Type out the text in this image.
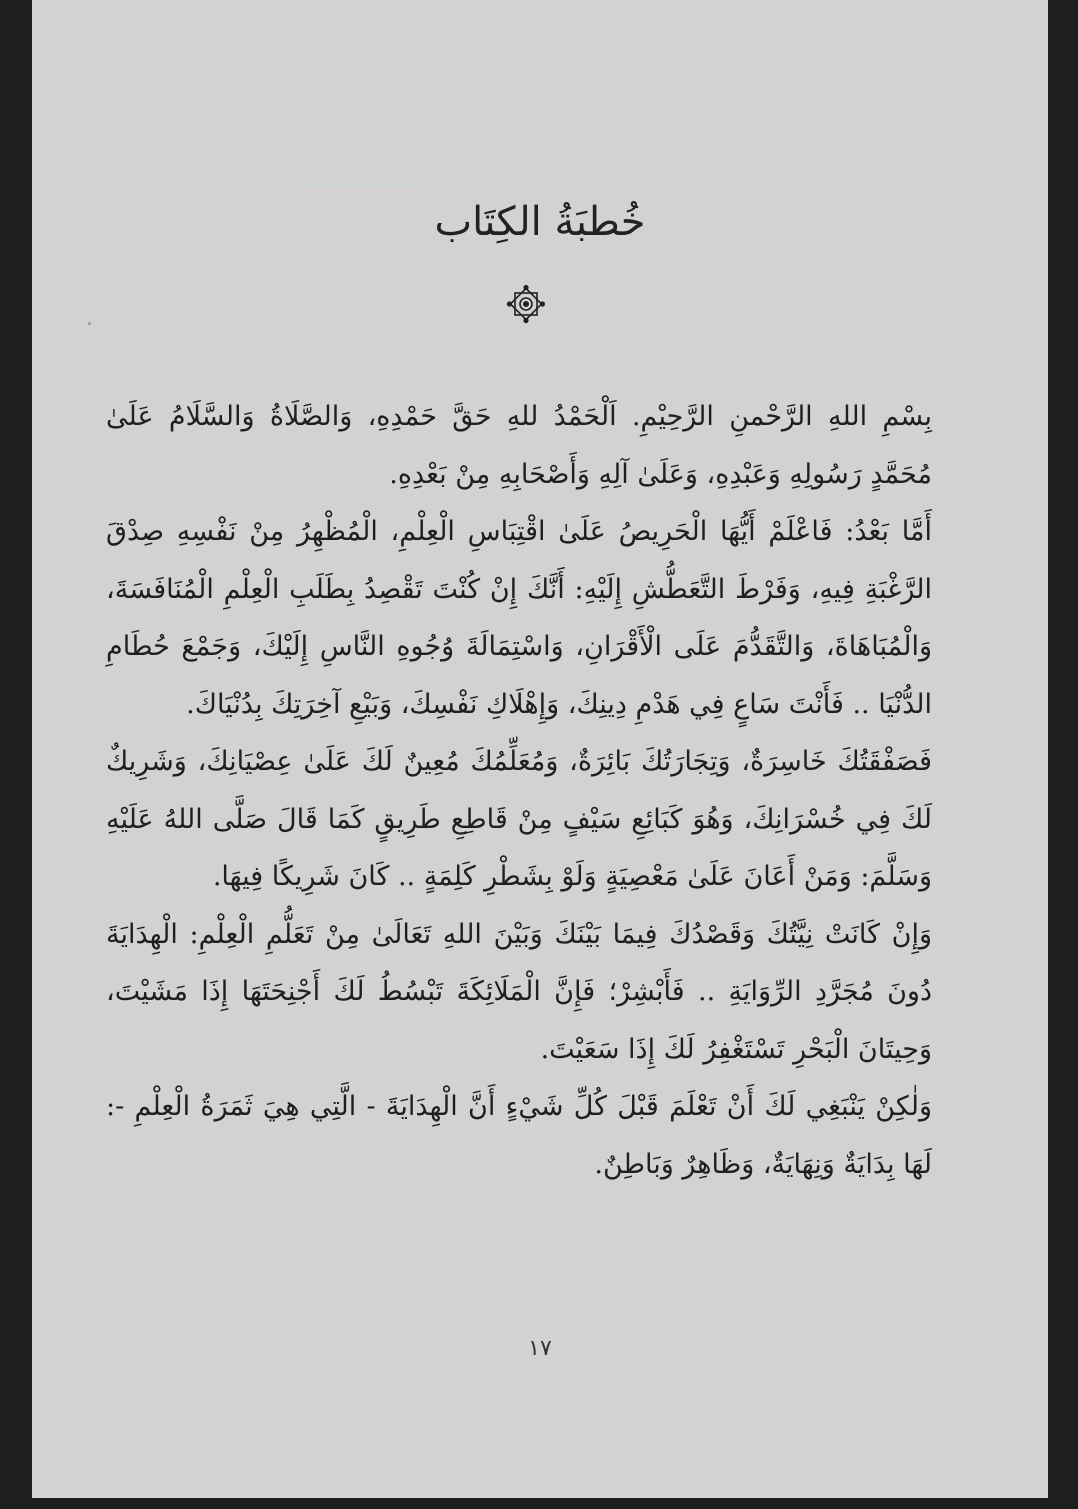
خُطبَةُ الكِتَاب

بِسْمِ اللهِ الرَّحْمنِ الرَّحِيْمِ. اَلْحَمْدُ للهِ حَقَّ حَمْدِهِ، وَالصَّلَاةُ وَالسَّلَامُ عَلَىٰ مُحَمَّدٍ رَسُولِهِ وَعَبْدِهِ، وَعَلَىٰ آلِهِ وَأَصْحَابِهِ مِنْ بَعْدِهِ.

أَمَّا بَعْدُ: فَاعْلَمْ أَيُّهَا الْحَرِيصُ عَلَىٰ اقْتِبَاسِ الْعِلْمِ، الْمُظْهِرُ مِنْ نَفْسِهِ صِدْقَ الرَّغْبَةِ فِيهِ، وَفَرْطَ التَّعَطُّشِ إِلَيْهِ: أَنَّكَ إِنْ كُنْتَ تَقْصِدُ بِطَلَبِ الْعِلْمِ الْمُنَافَسَةَ، وَالْمُبَاهَاةَ، وَالتَّقَدُّمَ عَلَى الْأَقْرَانِ، وَاسْتِمَالَةَ وُجُوهِ النَّاسِ إِلَيْكَ، وَجَمْعَ حُطَامِ الدُّنْيَا .. فَأَنْتَ سَاعٍ فِي هَدْمِ دِينِكَ، وَإِهْلَاكِ نَفْسِكَ، وَبَيْعِ آخِرَتِكَ بِدُنْيَاكَ.

فَصَفْقَتُكَ خَاسِرَةٌ، وَتِجَارَتُكَ بَائِرَةٌ، وَمُعَلِّمُكَ مُعِينٌ لَكَ عَلَىٰ عِصْيَانِكَ، وَشَرِيكٌ لَكَ فِي خُسْرَانِكَ، وَهُوَ كَبَائِعِ سَيْفٍ مِنْ قَاطِعِ طَرِيقٍ كَمَا قَالَ صَلَّى اللهُ عَلَيْهِ وَسَلَّمَ: وَمَنْ أَعَانَ عَلَىٰ مَعْصِيَةٍ وَلَوْ بِشَطْرِ كَلِمَةٍ .. كَانَ شَرِيكًا فِيهَا.

وَإِنْ كَانَتْ نِيَّتُكَ وَقَصْدُكَ فِيمَا بَيْنَكَ وَبَيْنَ اللهِ تَعَالَىٰ مِنْ تَعَلُّمِ الْعِلْمِ: الْهِدَايَةَ دُونَ مُجَرَّدِ الرِّوَايَةِ .. فَأَبْشِرْ؛ فَإِنَّ الْمَلَائِكَةَ تَبْسُطُ لَكَ أَجْنِحَتَهَا إِذَا مَشَيْتَ، وَحِيتَانَ الْبَحْرِ تَسْتَغْفِرُ لَكَ إِذَا سَعَيْتَ.

وَلٰكِنْ يَنْبَغِي لَكَ أَنْ تَعْلَمَ قَبْلَ كُلِّ شَيْءٍ أَنَّ الْهِدَايَةَ - الَّتِي هِيَ ثَمَرَةُ الْعِلْمِ -: لَهَا بِدَايَةٌ وَنِهَايَةٌ، وَظَاهِرٌ وَبَاطِنٌ.

١٧
